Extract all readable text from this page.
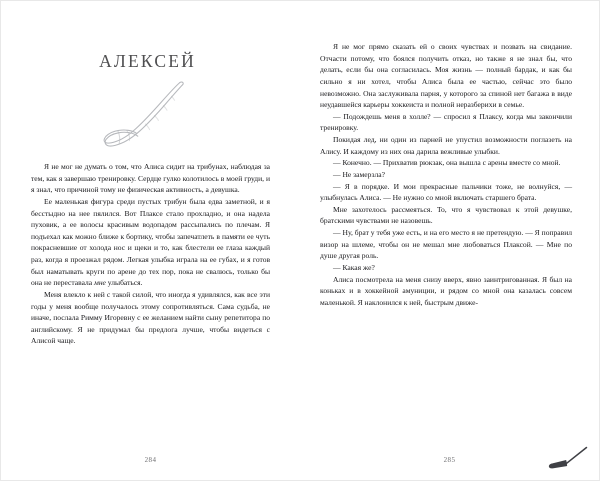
АЛЕКСЕЙ

Я не мог не думать о том, что Алиса сидит на трибунах, наблюдая за тем, как я завершаю тренировку. Сердце гулко колотилось в моей груди, и я знал, что причиной тому не физическая активность, а девушка.

Ее маленькая фигура среди пустых трибун была едва заметной, и я бесстыдно на нее пялился. Вот Плаксе стало прохладно, и она надела пуховик, а ее волосы красивым водопадом рассыпались по плечам. Я подъехал как можно ближе к бортику, чтобы запечатлеть в памяти ее чуть покрасневшие от холода нос и щеки и то, как блестели ее глаза каждый раз, когда я проезжал рядом. Легкая улыбка играла на ее губах, и я готов был наматывать круги по арене до тех пор, пока не свалюсь, только бы она не переставала мне улыбаться.

Меня влекло к ней с такой силой, что иногда я удивлялся, как все эти годы у меня вообще получалось этому сопротивляться. Сама судьба, не иначе, послала Римму Игоревну с ее желанием найти сыну репетитора по английскому. Я не придумал бы предлога лучше, чтобы видеться с Алисой чаще.

284

Я не мог прямо сказать ей о своих чувствах и позвать на свидание. Отчасти потому, что боялся получить отказ, но также я не знал бы, что делать, если бы она согласилась. Моя жизнь — полный бардак, и как бы сильно я ни хотел, чтобы Алиса была ее частью, сейчас это было невозможно. Она заслуживала парня, у которого за спиной нет багажа в виде неудавшейся карьеры хоккеиста и полной неразберихи в семье.

— Подождешь меня в холле? — спросил я Плаксу, когда мы закончили тренировку.

Покидая лед, ни один из парней не упустил возможности поглазеть на Алису. И каждому из них она дарила вежливые улыбки.

— Конечно. — Прихватив рюкзак, она вышла с арены вместе со мной.

— Не замерзла?

— Я в порядке. И мои прекрасные пальчики тоже, не волнуйся, — улыбнулась Алиса. — Не нужно со мной включать старшего брата.

Мне захотелось рассмеяться. То, что я чувствовал к этой девушке, братскими чувствами не назовешь.

— Ну, брат у тебя уже есть, и на его место я не претендую. — Я поправил визор на шлеме, чтобы он не мешал мне любоваться Плаксой. — Мне по душе другая роль.

— Какая же?

Алиса посмотрела на меня снизу вверх, явно заинтригованная. Я был на коньках и в хоккейной амуниции, и рядом со мной она казалась совсем маленькой. Я наклонился к ней, быстрым движе-

285
